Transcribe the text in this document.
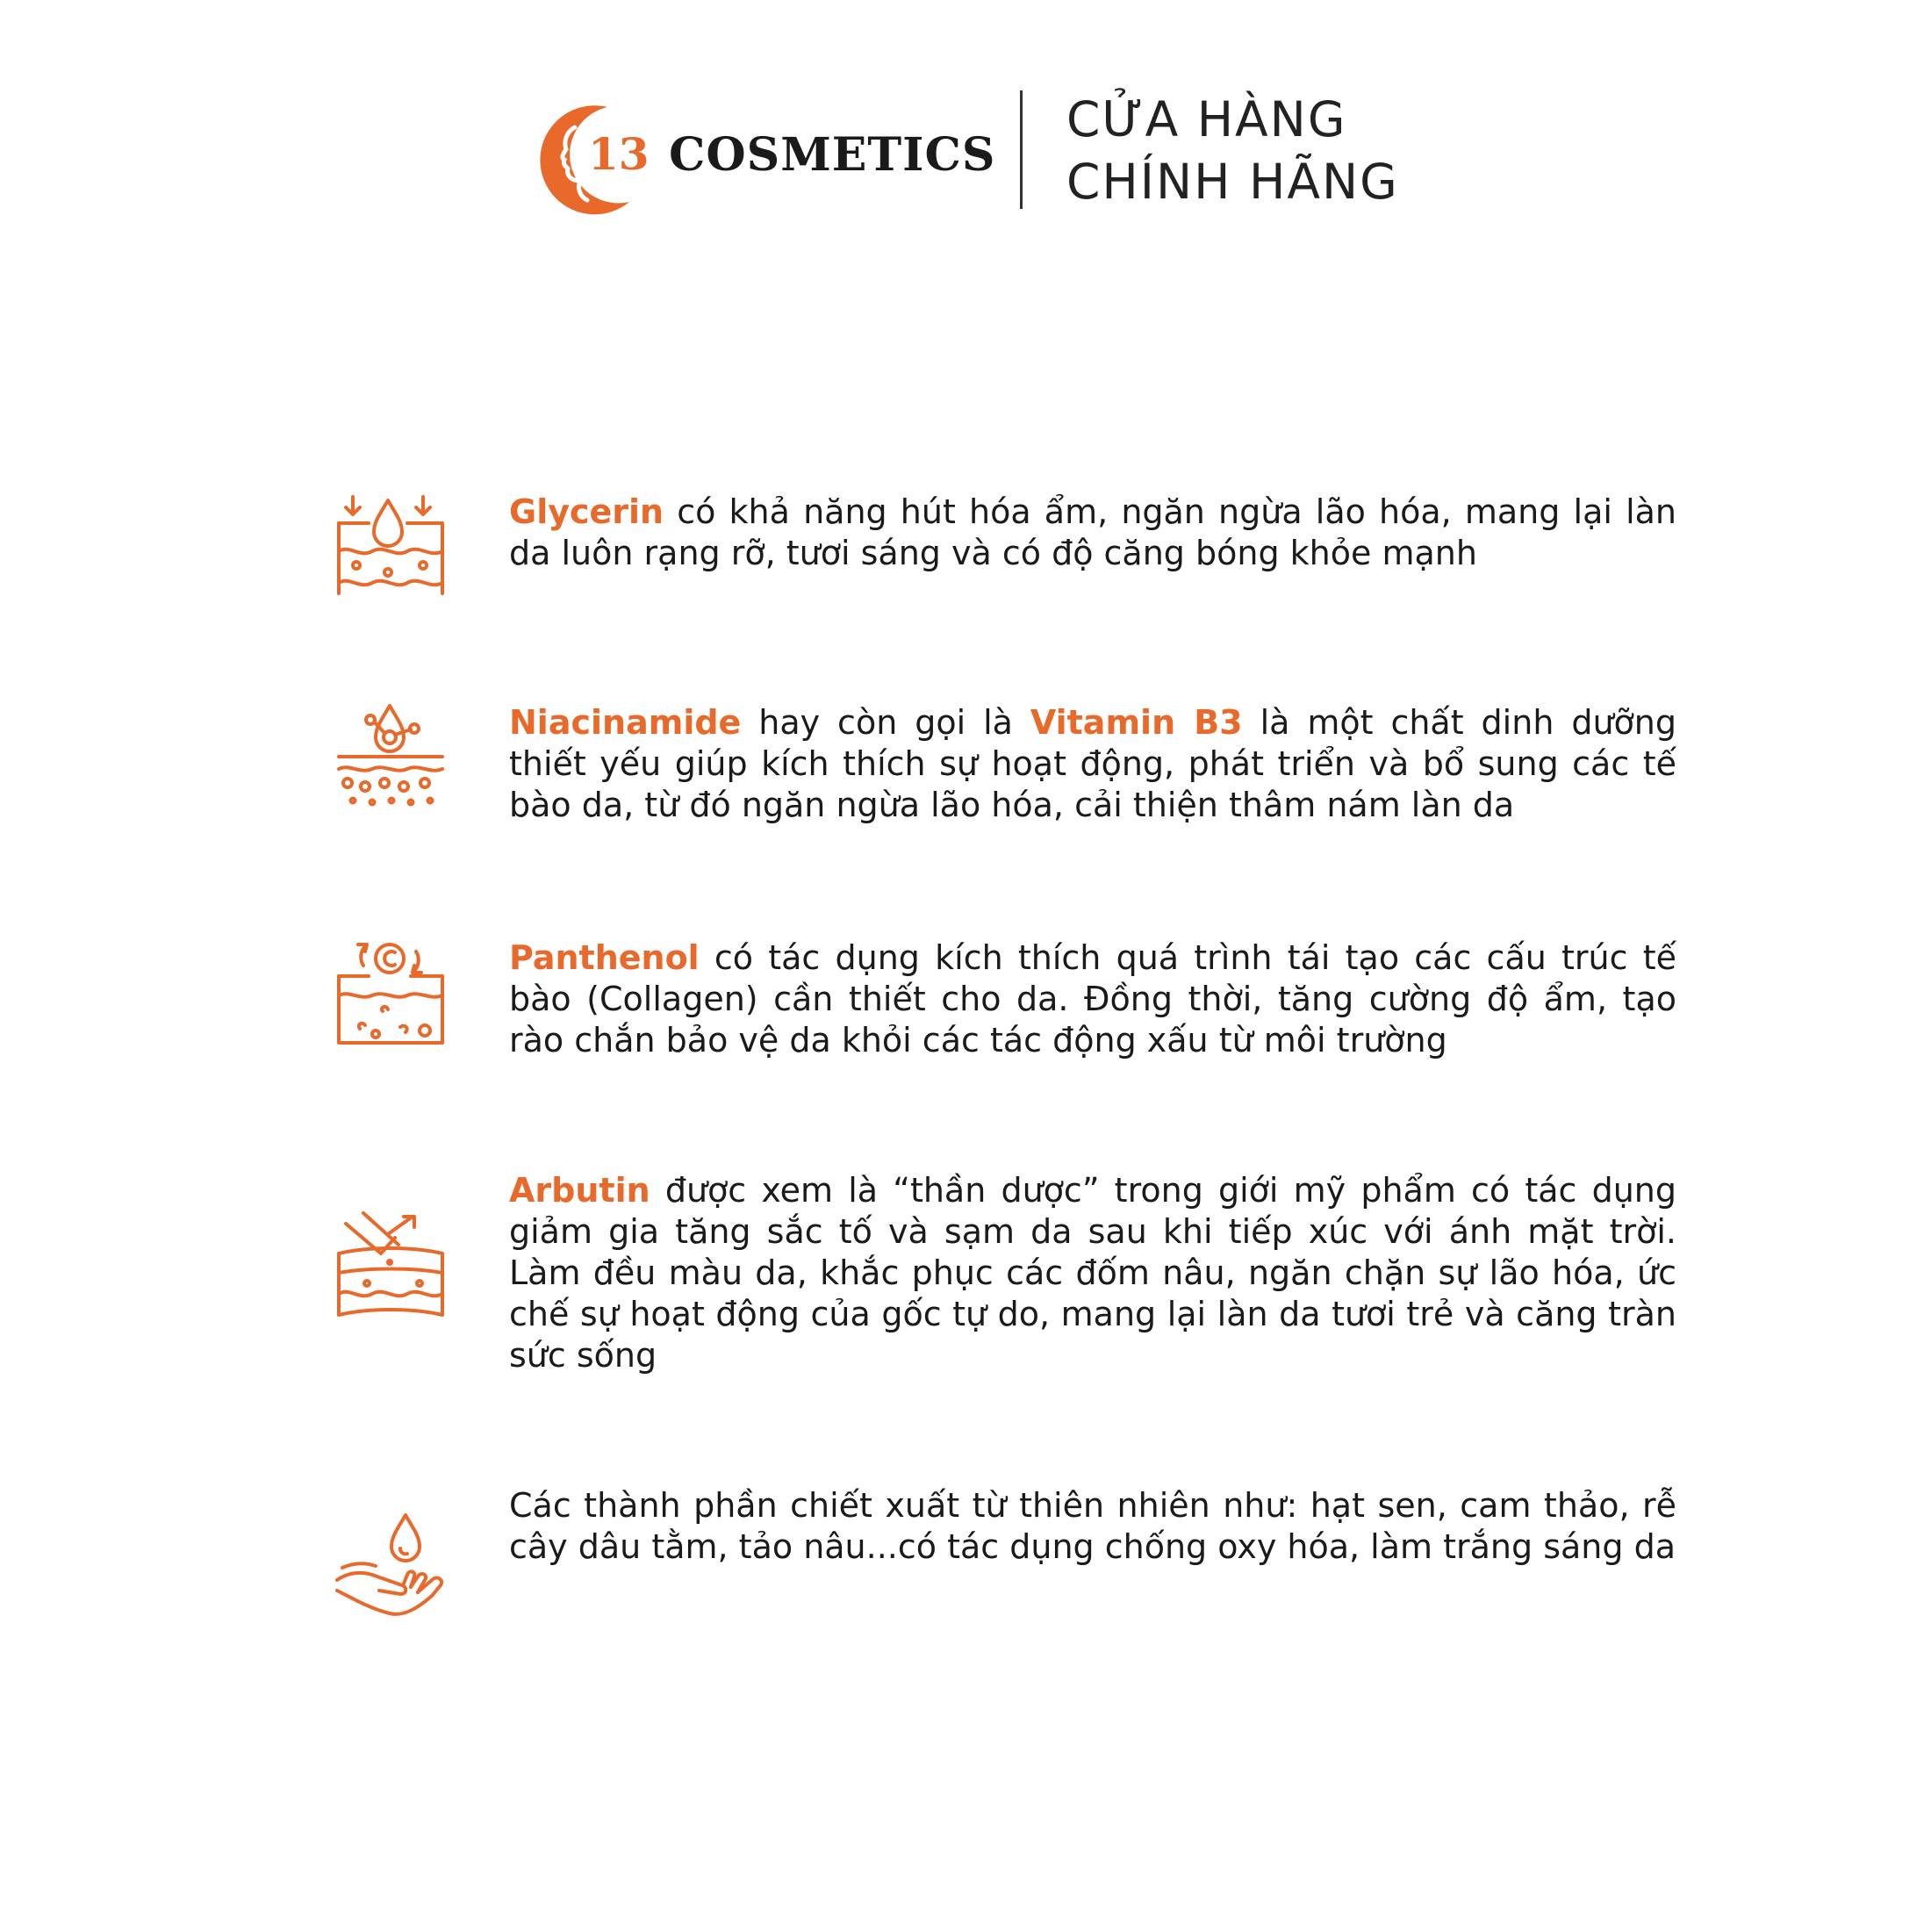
13 COSMETICS
CỬA HÀNG
CHÍNH HÃNG
Glycerin có khả năng hút hóa ẩm, ngăn ngừa lão hóa, mang lại làn da luôn rạng rỡ, tươi sáng và có độ căng bóng khỏe mạnh
Niacinamide hay còn gọi là Vitamin B3 là một chất dinh dưỡng thiết yếu giúp kích thích sự hoạt động, phát triển và bổ sung các tế bào da, từ đó ngăn ngừa lão hóa, cải thiện thâm nám làn da
Panthenol có tác dụng kích thích quá trình tái tạo các cấu trúc tế bào (Collagen) cần thiết cho da. Đồng thời, tăng cường độ ẩm, tạo rào chắn bảo vệ da khỏi các tác động xấu từ môi trường
Arbutin được xem là “thần dược” trong giới mỹ phẩm có tác dụng giảm gia tăng sắc tố và sạm da sau khi tiếp xúc với ánh mặt trời. Làm đều màu da, khắc phục các đốm nâu, ngăn chặn sự lão hóa, ức chế sự hoạt động của gốc tự do, mang lại làn da tươi trẻ và căng tràn sức sống
Các thành phần chiết xuất từ thiên nhiên như: hạt sen, cam thảo, rễ cây dâu tằm, tảo nâu...có tác dụng chống oxy hóa, làm trắng sáng da
